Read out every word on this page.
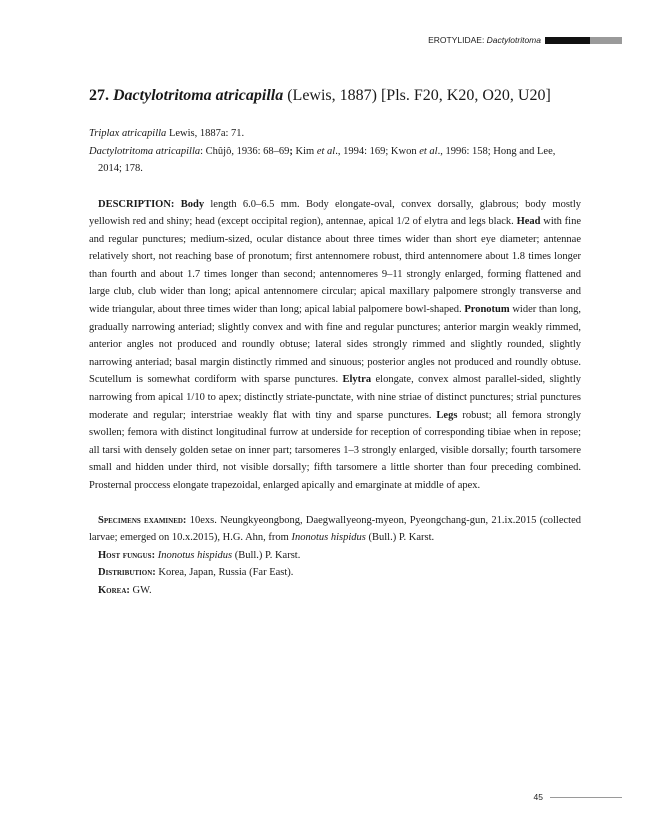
EROTYLIDAE: Dactylotritoma
27. Dactylotritoma atricapilla (Lewis, 1887) [Pls. F20, K20, O20, U20]
Triplax atricapilla Lewis, 1887a: 71.
Dactylotritoma atricapilla: Chûjô, 1936: 68–69; Kim et al., 1994: 169; Kwon et al., 1996: 158; Hong and Lee, 2014; 178.

DESCRIPTION: Body length 6.0–6.5 mm. Body elongate-oval, convex dorsally, glabrous; body mostly yellowish red and shiny; head (except occipital region), antennae, apical 1/2 of elytra and legs black. Head with fine and regular punctures; medium-sized, ocular distance about three times wider than short eye diameter; antennae relatively short, not reaching base of pronotum; first antennomere robust, third antennomere about 1.8 times longer than fourth and about 1.7 times longer than second; antennomeres 9–11 strongly enlarged, forming flattened and large club, club wider than long; apical antennomere circular; apical maxillary palpomere strongly transverse and wide triangular, about three times wider than long; apical labial palpomere bowl-shaped. Pronotum wider than long, gradually narrowing anteriad; slightly convex and with fine and regular punctures; anterior margin weakly rimmed, anterior angles not produced and roundly obtuse; lateral sides strongly rimmed and slightly rounded, slightly narrowing anteriad; basal margin distinctly rimmed and sinuous; posterior angles not produced and roundly obtuse. Scutellum is somewhat cordiform with sparse punctures. Elytra elongate, convex almost parallel-sided, slightly narrowing from apical 1/10 to apex; distinctly striate-punctate, with nine striae of distinct punctures; strial punctures moderate and regular; interstriae weakly flat with tiny and sparse punctures. Legs robust; all femora strongly swollen; femora with distinct longitudinal furrow at underside for reception of corresponding tibiae when in repose; all tarsi with densely golden setae on inner part; tarsomeres 1–3 strongly enlarged, visible dorsally; fourth tarsomere small and hidden under third, not visible dorsally; fifth tarsomere a little shorter than four preceding combined. Prosternal proccess elongate trapezoidal, enlarged apically and emarginate at middle of apex.

Specimens examined: 10exs. Neungkyeongbong, Daegwallyeong-myeon, Pyeongchang-gun, 21.ix.2015 (collected larvae; emerged on 10.x.2015), H.G. Ahn, from Inonotus hispidus (Bull.) P. Karst.

Host fungus: Inonotus hispidus (Bull.) P. Karst.
Distribution: Korea, Japan, Russia (Far East).
Korea: GW.
45
